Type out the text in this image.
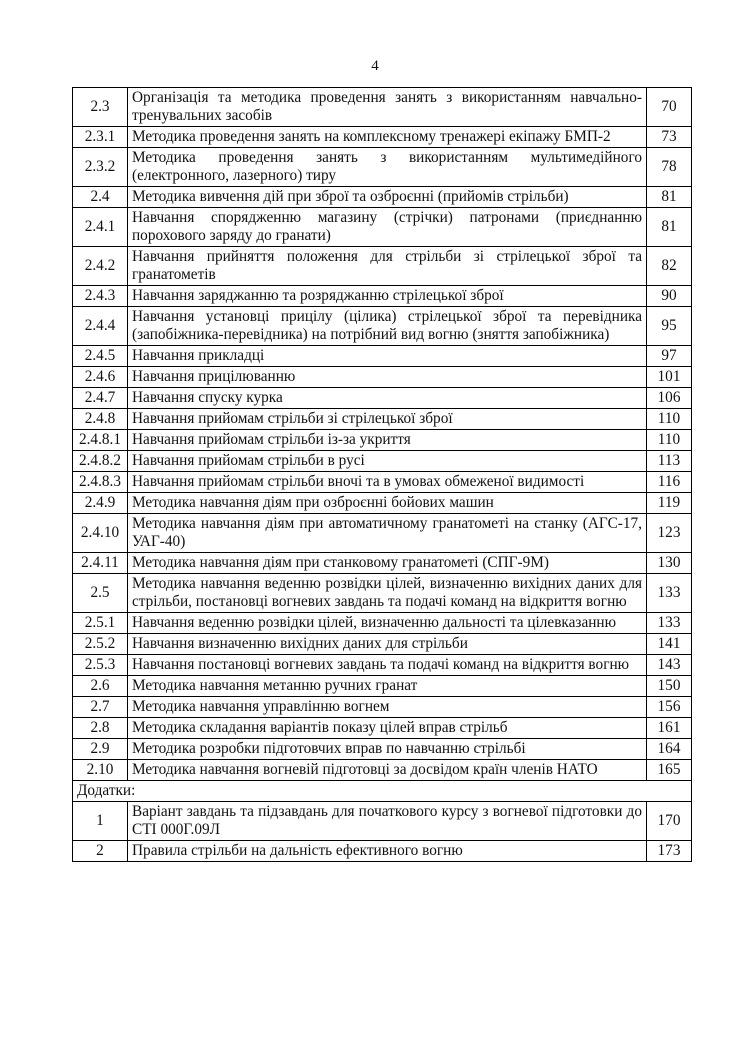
4
2.3	Організація та методика проведення занять з використанням навчально-тренувальних засобів	70
2.3.1	Методика проведення занять на комплексному тренажері екіпажу БМП-2	73
2.3.2	Методика проведення занять з використанням мультимедійного (електронного, лазерного) тиру	78
2.4	Методика вивчення дій при зброї та озброєнні (прийомів стрільби)	81
2.4.1	Навчання спорядженню магазину (стрічки) патронами (приєднанню порохового заряду до гранати)	81
2.4.2	Навчання прийняття положення для стрільби зі стрілецької зброї та гранатометів	82
2.4.3	Навчання заряджанню та розряджанню стрілецької зброї	90
2.4.4	Навчання установці прицілу (цілика) стрілецької зброї та перевідника (запобіжника-перевідника) на потрібний вид вогню (зняття запобіжника)	95
2.4.5	Навчання прикладці	97
2.4.6	Навчання прицілюванню	101
2.4.7	Навчання спуску курка	106
2.4.8	Навчання прийомам стрільби зі стрілецької зброї	110
2.4.8.1	Навчання прийомам стрільби із-за укриття	110
2.4.8.2	Навчання прийомам стрільби в русі	113
2.4.8.3	Навчання прийомам стрільби вночі та в умовах обмеженої видимості	116
2.4.9	Методика навчання діям при озброєнні бойових машин	119
2.4.10	Методика навчання діям при автоматичному гранатометі на станку (АГС-17, УАГ-40)	123
2.4.11	Методика навчання діям при станковому гранатометі (СПГ-9М)	130
2.5	Методика навчання веденню розвідки цілей, визначенню вихідних даних для стрільби, постановці вогневих завдань та подачі команд на відкриття вогню	133
2.5.1	Навчання веденню розвідки цілей, визначенню дальності та цілевказанню	133
2.5.2	Навчання визначенню вихідних даних для стрільби	141
2.5.3	Навчання постановці вогневих завдань та подачі команд на відкриття вогню	143
2.6	Методика навчання метанню ручних гранат	150
2.7	Методика навчання управлінню вогнем	156
2.8	Методика складання варіантів показу цілей вправ стрільб	161
2.9	Методика розробки підготовчих вправ по навчанню стрільбі	164
2.10	Методика навчання вогневій підготовці за досвідом країн членів НАТО	165
Додатки:		
1	Варіант завдань та підзавдань для початкового курсу з вогневої підготовки до СТІ 000Г.09Л	170
2	Правила стрільби на дальність ефективного вогню	173
